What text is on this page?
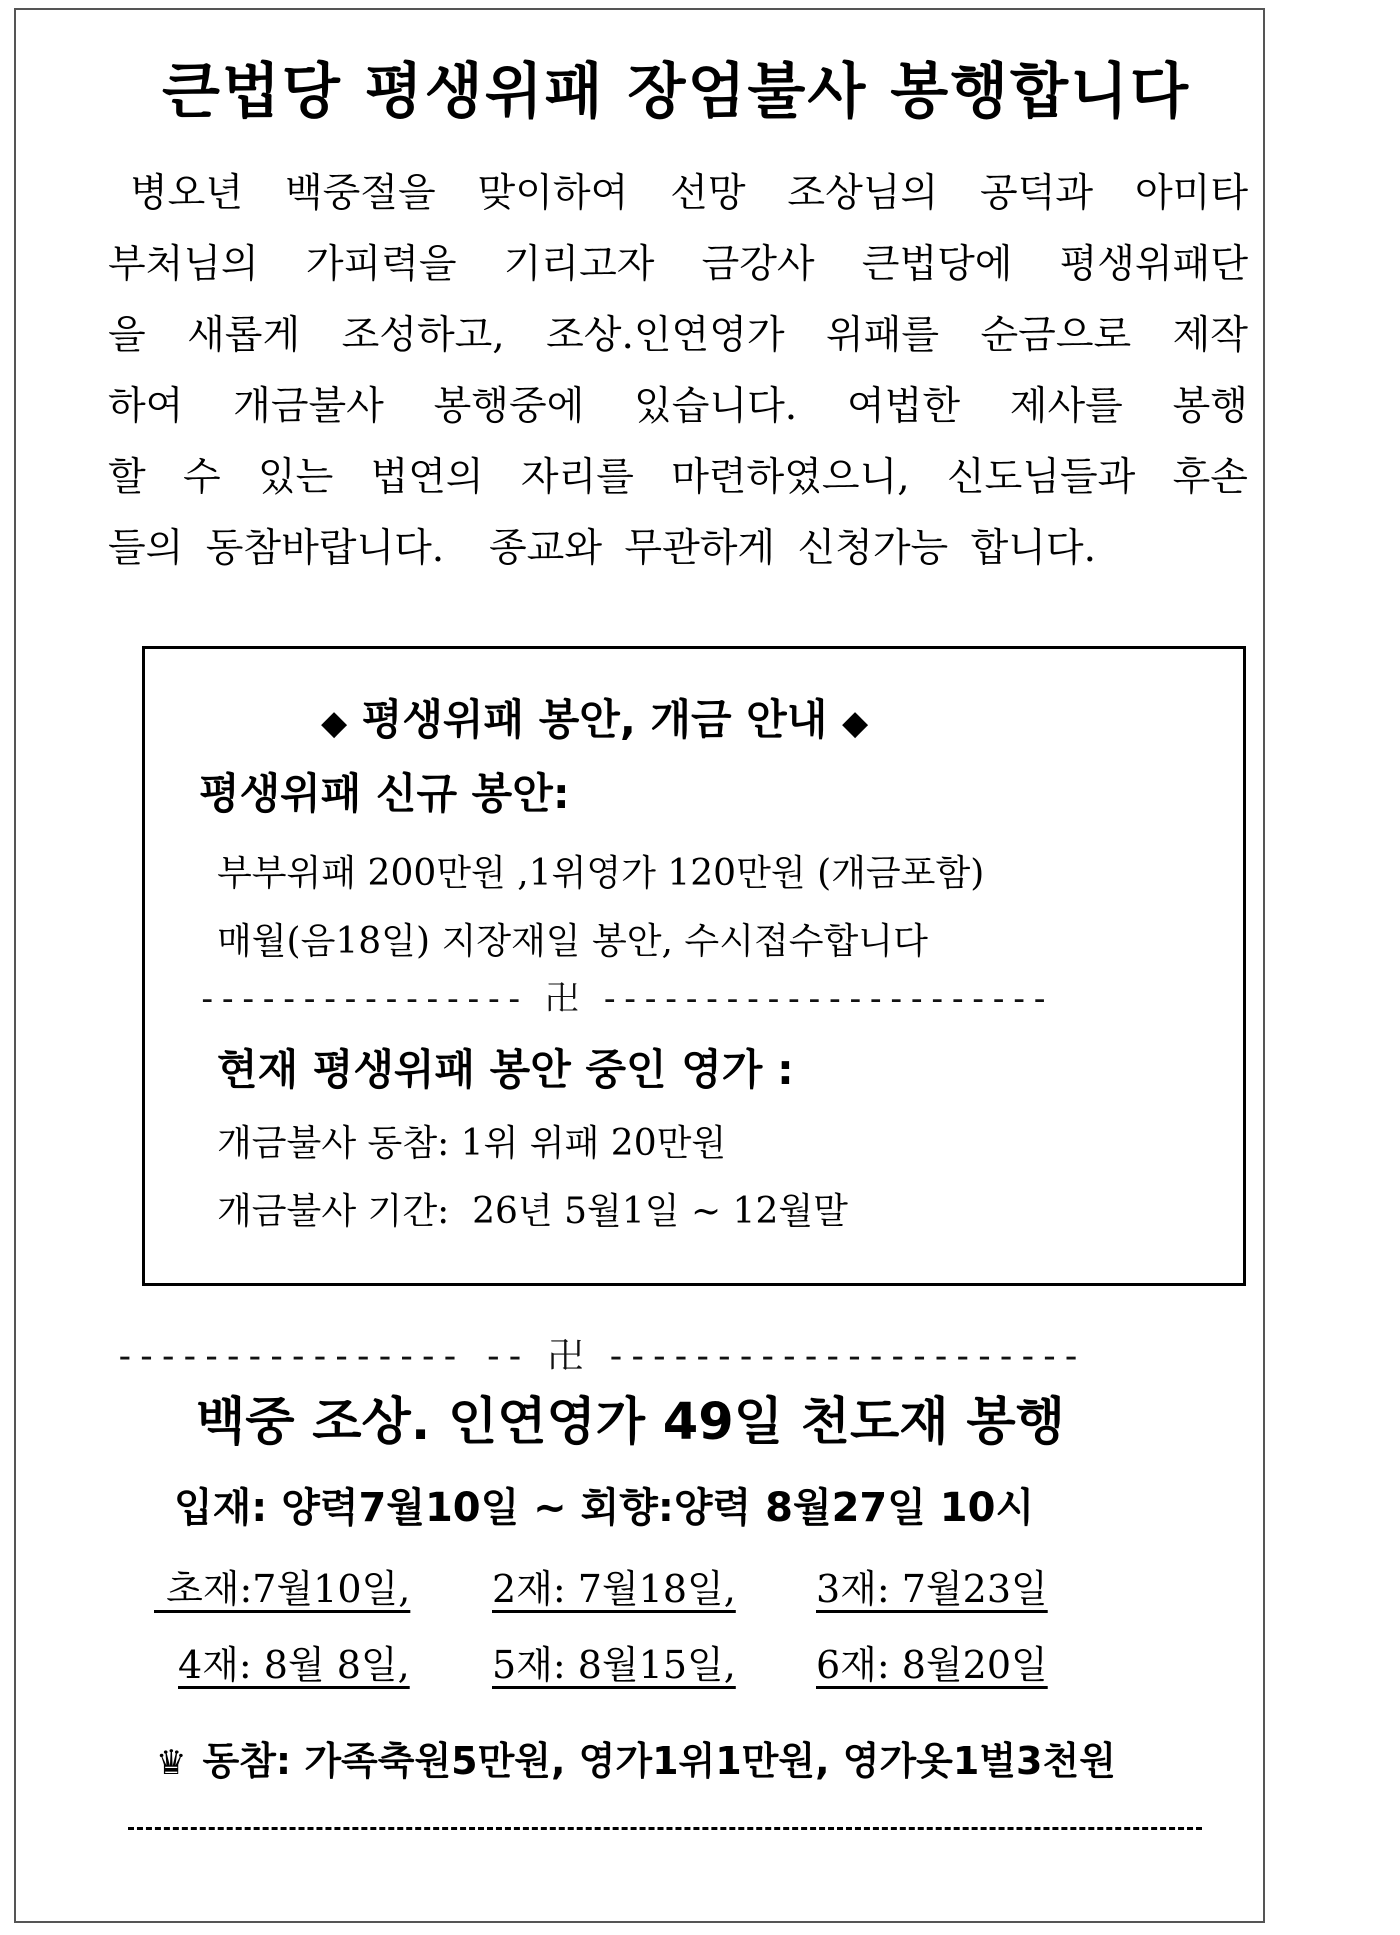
큰법당 평생위패 장엄불사 봉행합니다
병오년 백중절을 맞이하여 선망 조상님의 공덕과 아미타
부처님의 가피력을 기리고자 금강사 큰법당에 평생위패단
을 새롭게 조성하고, 조상.인연영가 위패를 순금으로 제작
하여 개금불사 봉행중에 있습니다. 여법한 제사를 봉행
할 수 있는 법연의 자리를 마련하였으니, 신도님들과 후손
들의 동참바랍니다.  종교와 무관하게 신청가능 합니다.
◆ 평생위패 봉안, 개금 안내 ◆
평생위패 신규 봉안:
부부위패 200만원 ,1위영가 120만원 (개금포함)
매월(음18일) 지장재일 봉안, 수시접수합니다
---------------- 卍 ----------------------
현재 평생위패 봉안 중인 영가 :
개금불사 동참: 1위 위패 20만원
개금불사 기간:  26년 5월1일 ~ 12월말
---------------- -- 卍 ----------------------
백중 조상. 인연영가 49일 천도재 봉행
입재: 양력7월10일 ~ 회향:양력 8월27일 10시
초재:7월10일, 2재: 7월18일, 3재: 7월23일
4재: 8월 8일, 5재: 8월15일, 6재: 8월20일
♛ 동참: 가족축원5만원, 영가1위1만원, 영가옷1벌3천원
